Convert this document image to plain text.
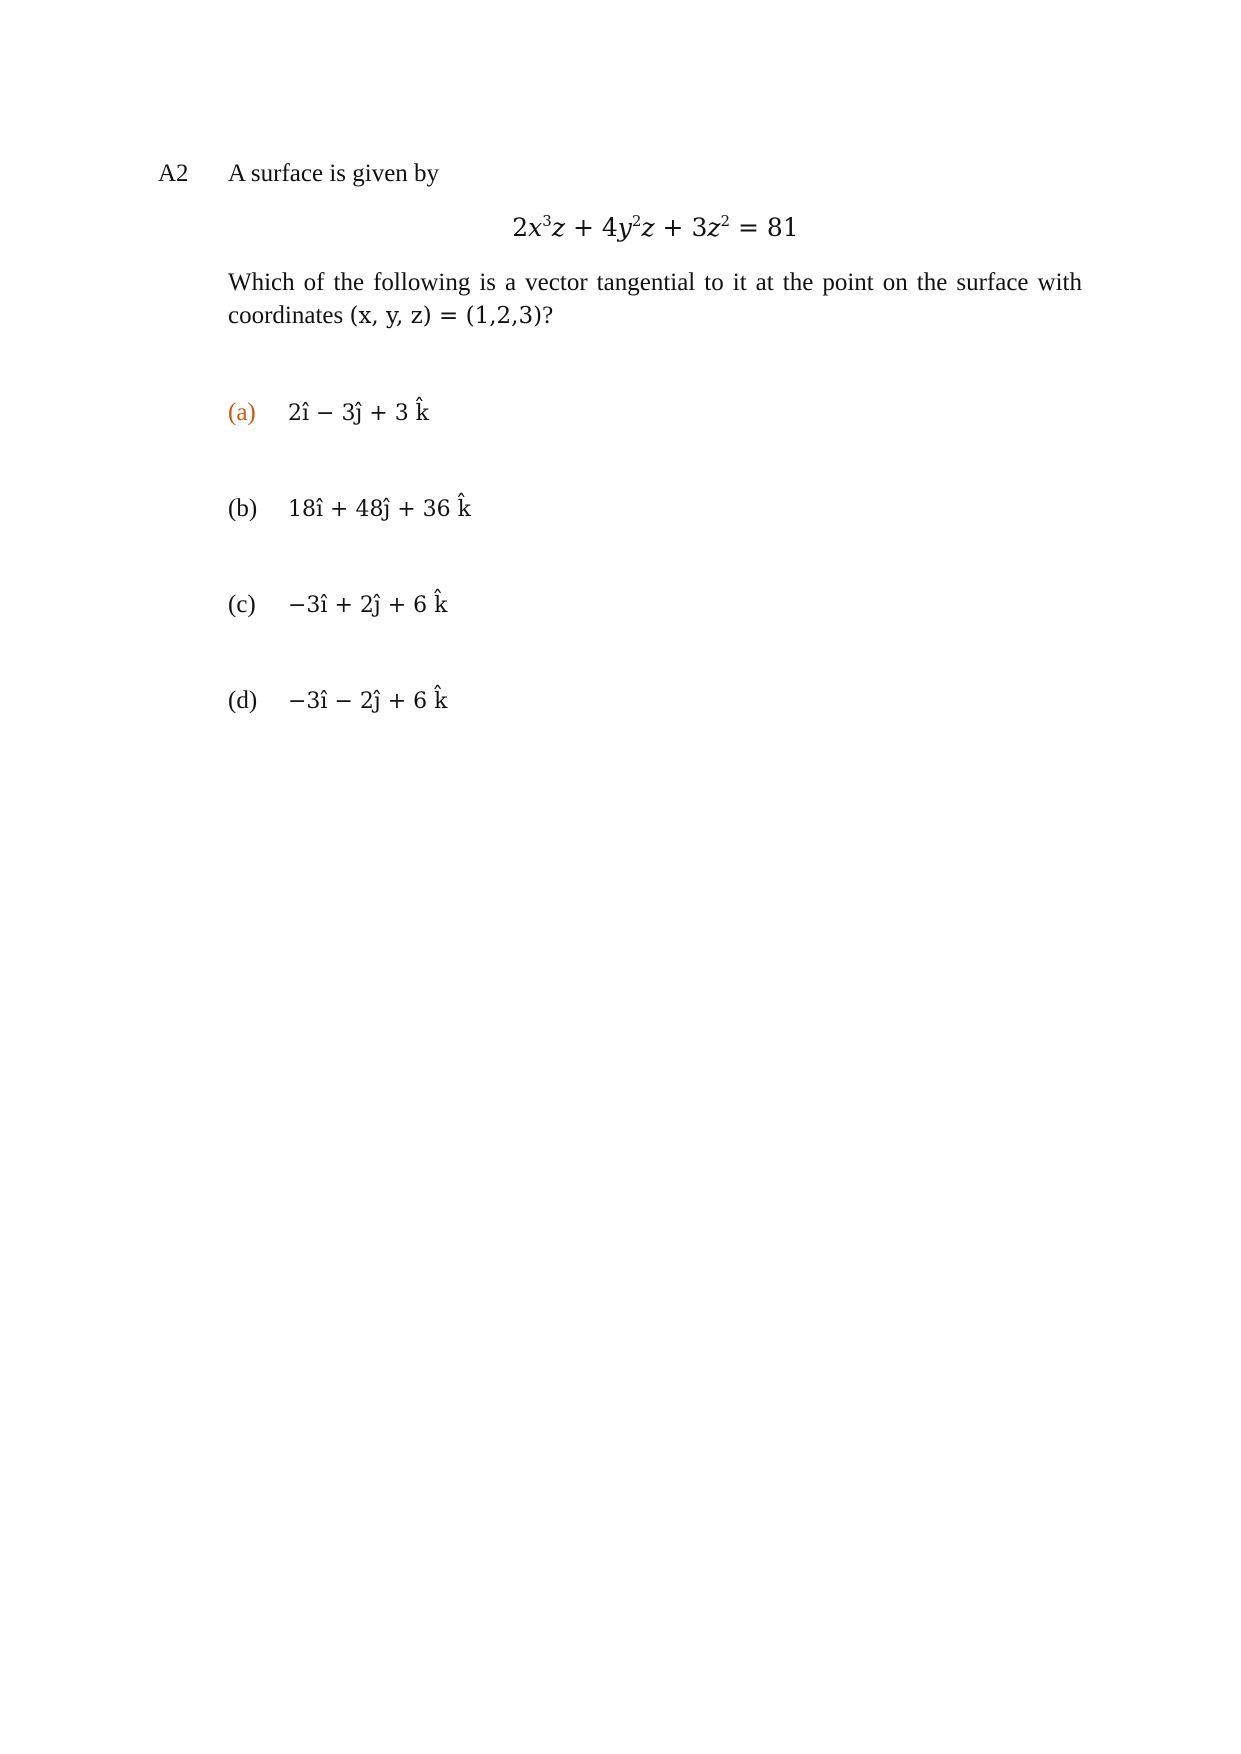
A2 A surface is given by
$2x^3z + 4y^2z + 3z^2 = 81$
Which of the following is a vector tangential to it at the point on the surface with coordinates (x, y, z) = (1,2,3)?
(a)	2î − 3ĵ + 3 k̂
(b)	18î + 48ĵ + 36 k̂
(c)	−3î + 2ĵ + 6 k̂
(d)	−3î − 2ĵ + 6 k̂
